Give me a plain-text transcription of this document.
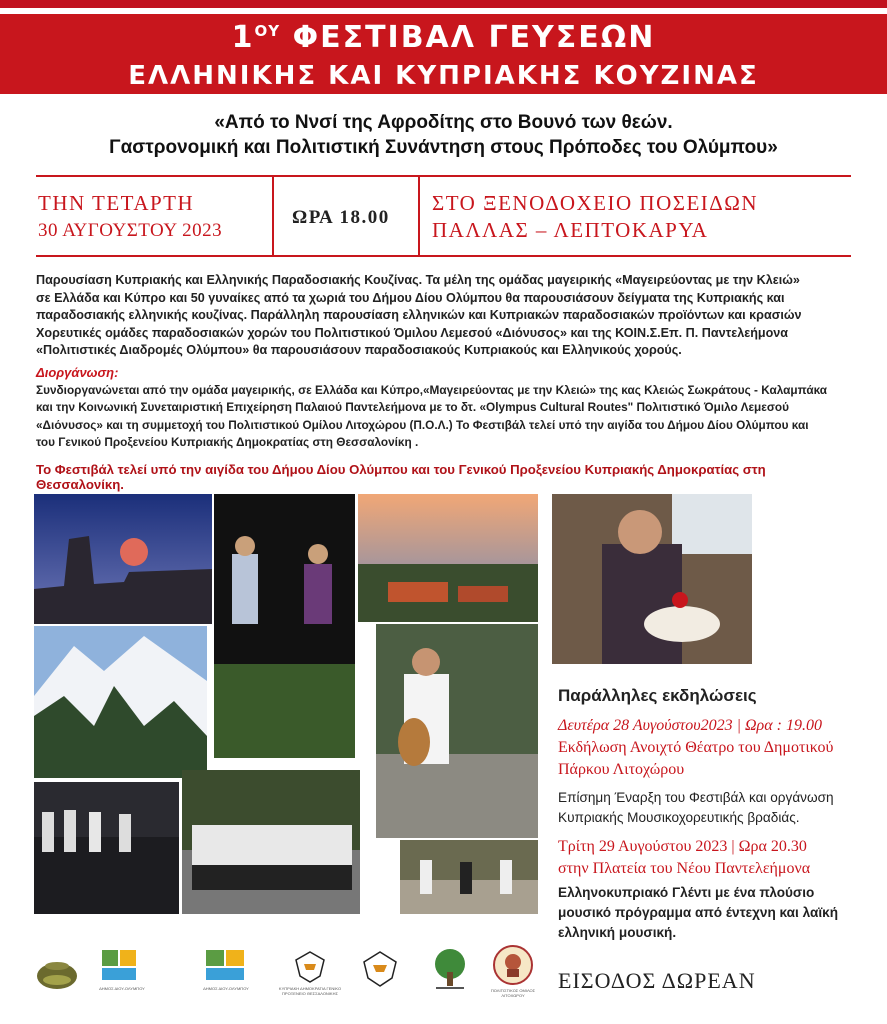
$1^{O\Upsilon}$ ΦΕΣΤΙΒΑΛ ΓΕΥΣΕΩΝ
ΕΛΛΗΝΙΚΗΣ ΚΑΙ ΚΥΠΡΙΑΚΗΣ ΚΟΥΖΙΝΑΣ
«Από το Ννσί της Αφροδίτης στο Βουνό των θεών.
Γαστρονομική και Πολιτιστική Συνάντηση στους Πρόποδες του Ολύμπου»
ΤΗΝ ΤΕΤΑΡΤΗ
30 ΑΥΓΟΥΣΤΟΥ 2023
ΩΡΑ 18.00
ΣΤΟ ΞΕΝΟΔΟΧΕΙΟ ΠΟΣΕΙΔΩΝ
ΠΑΛΛΑΣ – ΛΕΠΤΟΚΑΡΥΑ
Παρουσίαση Κυπριακής και Ελληνικής Παραδοσιακής Κουζίνας. Τα μέλη της ομάδας μαγειρικής «Μαγειρεύοντας με την Κλειώ»
σε Ελλάδα και Κύπρο και 50 γυναίκες από τα χωριά του Δήμου Δίου Ολύμπου θα παρουσιάσουν δείγματα της Κυπριακής και
παραδοσιακής ελληνικής κουζίνας. Παράλληλη παρουσίαση ελληνικών και Κυπριακών παραδοσιακών προϊόντων και κρασιών
Χορευτικές ομάδες παραδοσιακών χορών του Πολιτιστικού Όμιλου Λεμεσού «Διόνυσος» και της ΚΟΙΝ.Σ.Επ. Π. Παντελεήμονα
«Πολιτιστικές Διαδρομές Ολύμπου» θα παρουσιάσουν παραδοσιακούς Κυπριακούς και Ελληνικούς χορούς.
Διοργάνωση:
Συνδιοργανώνεται από την ομάδα μαγειρικής, σε Ελλάδα και Κύπρο,«Μαγειρεύοντας με την Κλειώ» της κας Κλειώς Σωκράτους - Καλαμπάκα
και την Κοινωνική Συνεταιριστική Επιχείρηση Παλαιού Παντελεήμονα με το δτ. «Olympus Cultural Routes" Πολιτιστικό Όμιλο Λεμεσού
«Διόνυσος» και τη συμμετοχή του Πολιτιστικού Ομίλου Λιτοχώρου (Π.Ο.Λ.) Το Φεστιβάλ τελεί υπό την αιγίδα του Δήμου Δίου Ολύμπου και
του Γενικού Προξενείου Κυπριακής Δημοκρατίας στη Θεσσαλονίκη .
Το Φεστιβάλ τελεί υπό την αιγίδα του Δήμου Δίου Ολύμπου και του Γενικού Προξενείου Κυπριακής Δημοκρατίας στη Θεσσαλονίκη.
Παράλληλες εκδηλώσεις
Δευτέρα 28 Αυγούστου2023 | Ωρα : 19.00
Εκδήλωση Ανοιχτό Θέατρο του Δημοτικού
Πάρκου Λιτοχώρου
Επίσημη Έναρξη του Φεστιβάλ και οργάνωση
Κυπριακής Μουσικοχορευτικής βραδιάς.
Τρίτη 29 Αυγούστου 2023 | Ωρα 20.30
στην Πλατεία του Νέου Παντελεήμονα
Ελληνοκυπριακό Γλέντι με ένα πλούσιο
μουσικό πρόγραμμα από έντεχνη και λαϊκή
ελληνική μουσική.
ΕΙΣΟΔΟΣ ΔΩΡΕΑΝ
ΔΗΜΟΣ ΔΙΟΥ-ΟΛΥΜΠΟΥ	ΔΗΜΟΣ ΔΙΟΥ-ΟΛΥΜΠΟΥ	ΚΥΠΡΙΑΚΗ ΔΗΜΟΚΡΑΤΙΑ ΓΕΝΙΚΟ ΠΡΟΞΕΝΕΙΟ ΘΕΣΣΑΛΟΝΙΚΗΣ
ΠΟΛΙΤΙΣΤΙΚΟΣ ΟΜΙΛΟΣ ΛΙΤΟΧΩΡΟΥ
